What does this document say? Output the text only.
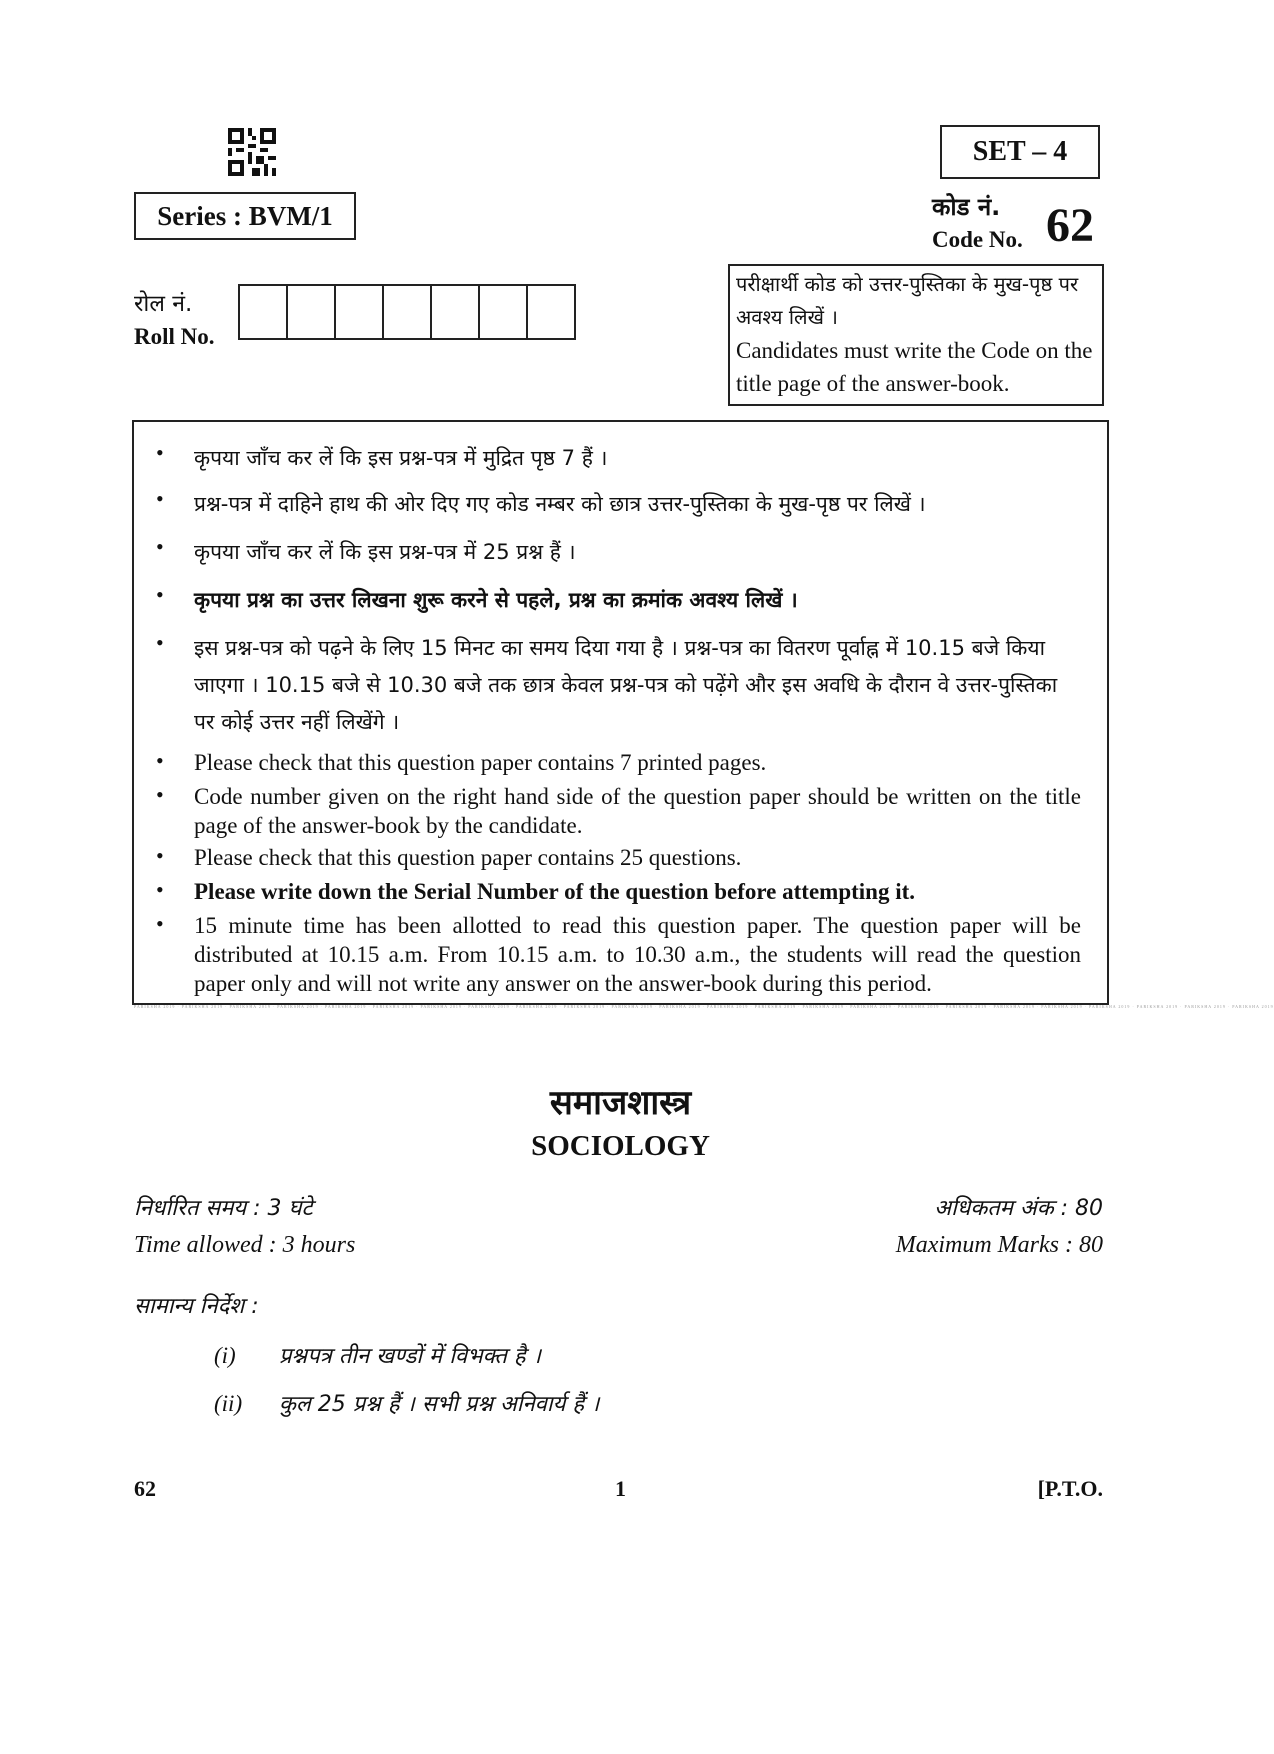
SET – 4
Series : BVM/1	कोड नं.
Code No. 62
रोल नं.
Roll No.
परीक्षार्थी कोड को उत्तर-पुस्तिका के मुख-पृष्ठ पर अवश्य लिखें ।
Candidates must write the Code on the title page of the answer-book.
• कृपया जाँच कर लें कि इस प्रश्न-पत्र में मुद्रित पृष्ठ 7 हैं ।
• प्रश्न-पत्र में दाहिने हाथ की ओर दिए गए कोड नम्बर को छात्र उत्तर-पुस्तिका के मुख-पृष्ठ पर लिखें ।
• कृपया जाँच कर लें कि इस प्रश्न-पत्र में 25 प्रश्न हैं ।
• कृपया प्रश्न का उत्तर लिखना शुरू करने से पहले, प्रश्न का क्रमांक अवश्य लिखें ।
• इस प्रश्न-पत्र को पढ़ने के लिए 15 मिनट का समय दिया गया है । प्रश्न-पत्र का वितरण पूर्वाह्न में 10.15 बजे किया जाएगा । 10.15 बजे से 10.30 बजे तक छात्र केवल प्रश्न-पत्र को पढ़ेंगे और इस अवधि के दौरान वे उत्तर-पुस्तिका पर कोई उत्तर नहीं लिखेंगे ।
• Please check that this question paper contains 7 printed pages.
• Code number given on the right hand side of the question paper should be written on the title page of the answer-book by the candidate.
• Please check that this question paper contains 25 questions.
• Please write down the Serial Number of the question before attempting it.
• 15 minute time has been allotted to read this question paper. The question paper will be distributed at 10.15 a.m. From 10.15 a.m. to 10.30 a.m., the students will read the question paper only and will not write any answer on the answer-book during this period.
PARIKSHA 2019 · PARIKSHA 2019 · PARIKSHA 2019 · PARIKSHA 2019 · PARIKSHA 2019 · PARIKSHA 2019 · PARIKSHA 2019 · PARIKSHA 2019 · PARIKSHA 2019 · PARIKSHA 2019 · PARIKSHA 2019 · PARIKSHA 2019 · PARIKSHA 2019 · PARIKSHA 2019 · PARIKSHA 2019 · PARIKSHA 2019 · PARIKSHA 2019 · PARIKSHA 2019 · PARIKSHA 2019 · PARIKSHA 2019 · PARIKSHA 2019 · PARIKSHA 2019 · PARIKSHA 2019 · PARIKSHA 2019
समाजशास्त्र
SOCIOLOGY
निर्धारित समय : 3 घंटे
Time allowed : 3 hours
अधिकतम अंक : 80
Maximum Marks : 80
सामान्य निर्देश :
(i) प्रश्नपत्र तीन खण्डों में विभक्त है ।
(ii) कुल 25 प्रश्न हैं । सभी प्रश्न अनिवार्य हैं ।
62	1	[P.T.O.
